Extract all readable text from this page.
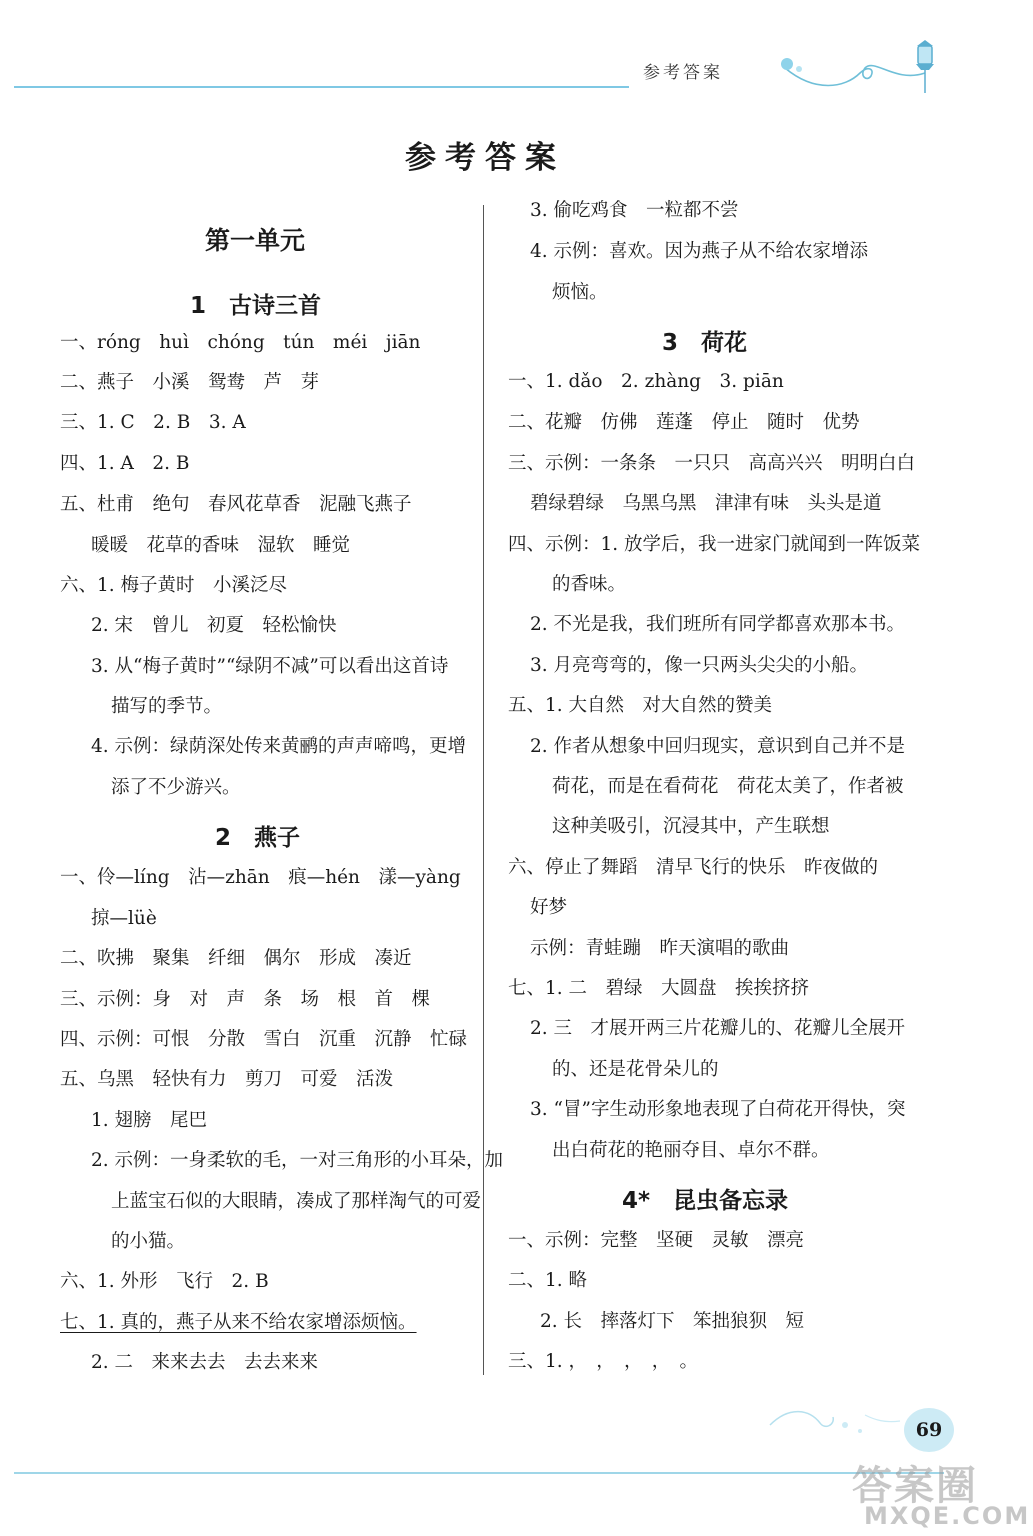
参考答案
参考答案
第一单元
1　古诗三首
一、róng　huì　chóng　tún　méi　jiān
二、燕子　小溪　鸳鸯　芦　芽
三、1. C　2. B　3. A
四、1. A　2. B
五、杜甫　绝句　春风花草香　泥融飞燕子
暖暖　花草的香味　湿软　睡觉
六、1. 梅子黄时　小溪泛尽
2. 宋　曾儿　初夏　轻松愉快
3. 从“梅子黄时”“绿阴不减”可以看出这首诗
描写的季节。
4. 示例：绿荫深处传来黄鹂的声声啼鸣，更增
添了不少游兴。
2　燕子
一、伶—líng　沾—zhān　痕—hén　漾—yàng
掠—lüè
二、吹拂　聚集　纤细　偶尔　形成　凑近
三、示例：身　对　声　条　场　根　首　棵
四、示例：可恨　分散　雪白　沉重　沉静　忙碌
五、乌黑　轻快有力　剪刀　可爱　活泼
1. 翅膀　尾巴
2. 示例：一身柔软的毛，一对三角形的小耳朵，加
上蓝宝石似的大眼睛，凑成了那样淘气的可爱
的小猫。
六、1. 外形　飞行　2. B
七、1. 真的，燕子从来不给农家增添烦恼。
2. 二　来来去去　去去来来
3. 偷吃鸡食　一粒都不尝
4. 示例：喜欢。因为燕子从不给农家增添
烦恼。
3　荷花
一、1. dǎo　2. zhàng　3. piān
二、花瓣　仿佛　莲蓬　停止　随时　优势
三、示例：一条条　一只只　高高兴兴　明明白白
碧绿碧绿　乌黑乌黑　津津有味　头头是道
四、示例：1. 放学后，我一进家门就闻到一阵饭菜
的香味。
2. 不光是我，我们班所有同学都喜欢那本书。
3. 月亮弯弯的，像一只两头尖尖的小船。
五、1. 大自然　对大自然的赞美
2. 作者从想象中回归现实，意识到自己并不是
荷花，而是在看荷花　荷花太美了，作者被
这种美吸引，沉浸其中，产生联想
六、停止了舞蹈　清早飞行的快乐　昨夜做的
好梦
示例：青蛙蹦　昨天演唱的歌曲
七、1. 二　碧绿　大圆盘　挨挨挤挤
2. 三　才展开两三片花瓣儿的、花瓣儿全展开
的、还是花骨朵儿的
3. “冒”字生动形象地表现了白荷花开得快，突
出白荷花的艳丽夺目、卓尔不群。
4*　昆虫备忘录
一、示例：完整　坚硬　灵敏　漂亮
二、1. 略
2. 长　摔落灯下　笨拙狼狈　短
三、1. ，　，　，　，　。
69
答案圈
MXQE.COM
